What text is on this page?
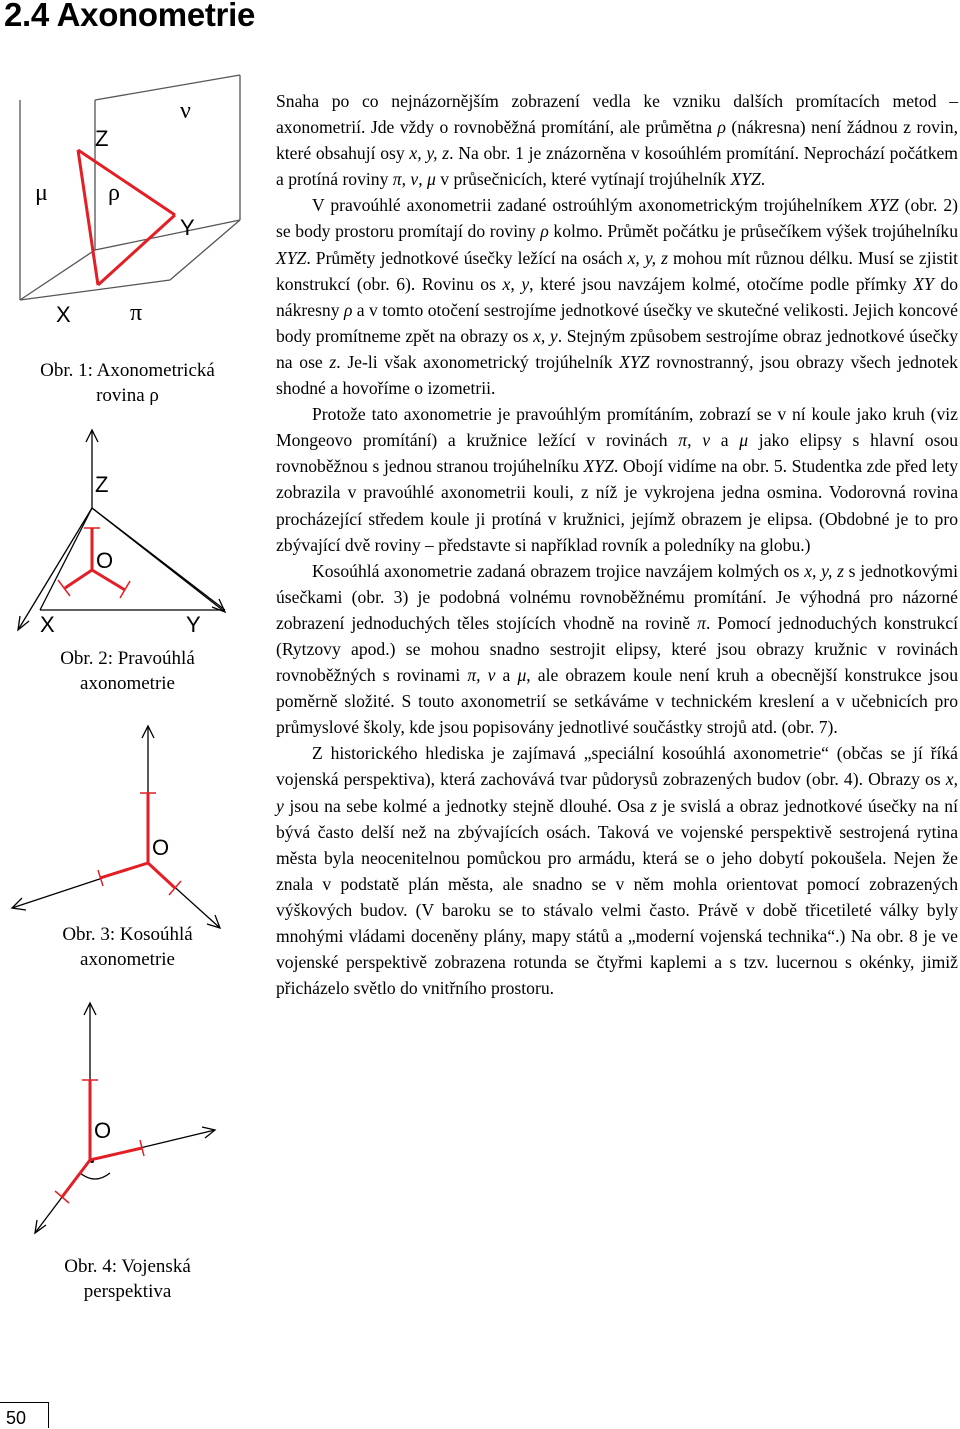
2.4 Axonometrie
μ
ν
ρ
π
Z
Y
X
Obr. 1: Axonometrická
rovina ρ
Z
O
X	Y
Obr. 2: Pravoúhlá
axonometrie
O
Obr. 3: Kosoúhlá
axonometrie
O
Obr. 4: Vojenská
perspektiva

Snaha po co nejnázornějším zobrazení vedla ke vzniku dalších promítacích metod – axonometrií. Jde vždy o rovnoběžná promítání, ale průmětna ρ (nákresna) není žádnou z rovin, které obsahují osy x, y, z. Na obr. 1 je znázorněna v kosoúhlém promítání. Neprochází počátkem a protíná roviny π, ν, μ v průsečnicích, které vytínají trojúhelník XYZ.

V pravoúhlé axonometrii zadané ostroúhlým axonometrickým trojúhelníkem XYZ (obr. 2) se body prostoru promítají do roviny ρ kolmo. Průmět počátku je průsečíkem výšek trojúhelníku XYZ. Průměty jednotkové úsečky ležící na osách x, y, z mohou mít různou délku. Musí se zjistit konstrukcí (obr. 6). Rovinu os x, y, které jsou navzájem kolmé, otočíme podle přímky XY do nákresny ρ a v tomto otočení sestrojíme jednotkové úsečky ve skutečné velikosti. Jejich koncové body promítneme zpět na obrazy os x, y. Stejným způsobem sestrojíme obraz jednotkové úsečky na ose z. Je-li však axonometrický trojúhelník XYZ rovnostranný, jsou obrazy všech jednotek shodné a hovoříme o izometrii.

Protože tato axonometrie je pravoúhlým promítáním, zobrazí se v ní koule jako kruh (viz Mongeovo promítání) a kružnice ležící v rovinách π, ν a μ jako elipsy s hlavní osou rovnoběžnou s jednou stranou trojúhelníku XYZ. Obojí vidíme na obr. 5. Studentka zde před lety zobrazila v pravoúhlé axonometrii kouli, z níž je vykrojena jedna osmina. Vodorovná rovina procházející středem koule ji protíná v kružnici, jejímž obrazem je elipsa. (Obdobné je to pro zbývající dvě roviny – představte si například rovník a poledníky na globu.)

Kosoúhlá axonometrie zadaná obrazem trojice navzájem kolmých os x, y, z s jednotkovými úsečkami (obr. 3) je podobná volnému rovnoběžnému promítání. Je výhodná pro názorné zobrazení jednoduchých těles stojících vhodně na rovině π. Pomocí jednoduchých konstrukcí (Rytzovy apod.) se mohou snadno sestrojit elipsy, které jsou obrazy kružnic v rovinách rovnoběžných s rovinami π, ν a μ, ale obrazem koule není kruh a obecnější konstrukce jsou poměrně složité. S touto axonometrií se setkáváme v technickém kreslení a v učebnicích pro průmyslové školy, kde jsou popisovány jednotlivé součástky strojů atd. (obr. 7).

Z historického hlediska je zajímavá „speciální kosoúhlá axonometrie“ (občas se jí říká vojenská perspektiva), která zachovává tvar půdorysů zobrazených budov (obr. 4). Obrazy os x, y jsou na sebe kolmé a jednotky stejně dlouhé. Osa z je svislá a obraz jednotkové úsečky na ní bývá často delší než na zbývajících osách. Taková ve vojenské perspektivě sestrojená rytina města byla neocenitelnou pomůckou pro armádu, která se o jeho dobytí pokoušela. Nejen že znala v podstatě plán města, ale snadno se v něm mohla orientovat pomocí zobrazených výškových budov. (V baroku se to stávalo velmi často. Právě v době třicetileté války byly mnohými vládami doceněny plány, mapy států a „moderní vojenská technika“.) Na obr. 8 je ve vojenské perspektivě zobrazena rotunda se čtyřmi kaplemi a s tzv. lucernou s okénky, jimiž přicházelo světlo do vnitřního prostoru.

50
